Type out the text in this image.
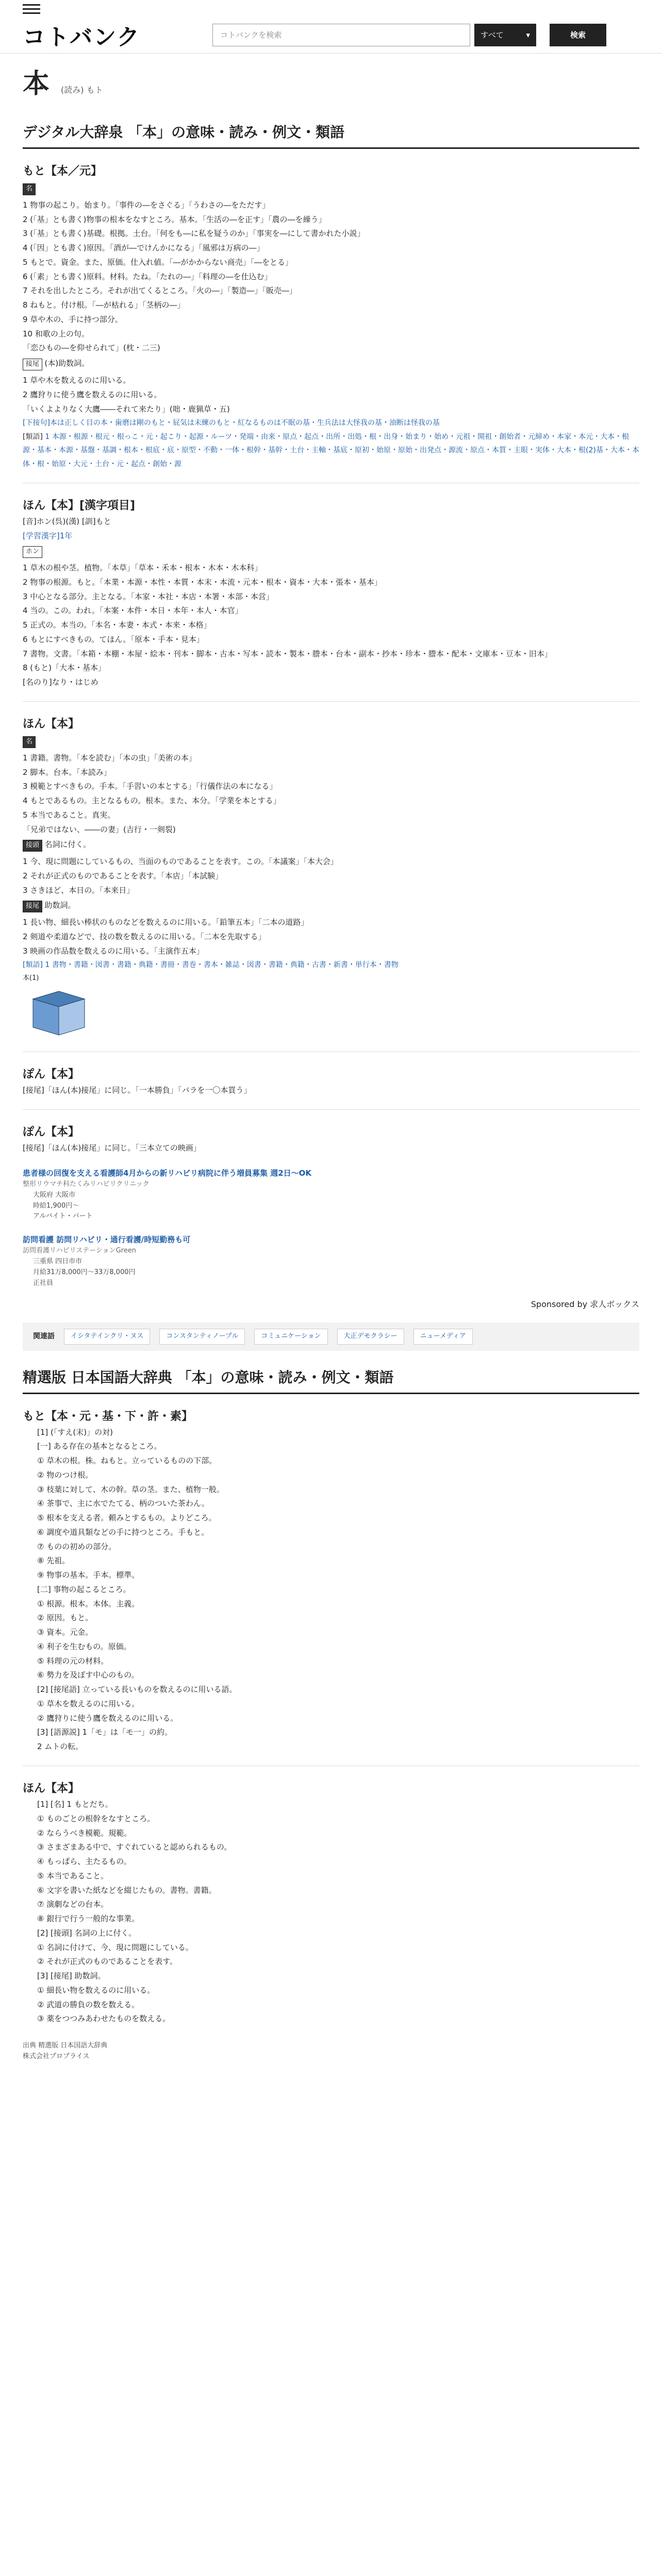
コトバンク	コトバンクを検索	すべて	▾	検索
本 (読み) もト
デジタル大辞泉 「本」の意味・読み・例文・類語
もと【本／元】
名
1 物事の起こり。始まり。「事件の―をさぐる」「うわさの―をただす」
2 (「基」とも書く)物事の根本をなすところ。基本。「生活の―を正す」「農の―を繰う」
3 (「基」とも書く)基礎。根拠。土台。「何をも―に私を疑うのか」「事実を―にして書かれた小説」
4 (「因」とも書く)原因。「酒が―でけんかになる」「風邪は万病の―」
5 もとで。資金。また、原価。仕入れ値。「―がかからない商売」「―をとる」
6 (「素」とも書く)原料。材料。たね。「たれの―」「料理の―を仕込む」
7 それを出したところ。それが出てくるところ。「火の―」「製造―」「販売―」
8 ねもと。付け根。「―が枯れる」「茎柄の―」
9 草や木の、手に持つ部分。
10 和歌の上の句。
「恋ひもの―を仰せられて」(枕・二三)
接尾 (本)助数詞。
1 草や木を数えるのに用いる。
2 鷹狩りに使う鷹を数えるのに用いる。
「いくよよりなく大鷹――それて来たり」(咄・鹿猟草・五)
[下接句]本は正しく目の本・歯磨は剛のもと・屁気は未練のもと・紅なるものは不眠の基・生兵法は大怪我の基・油断は怪我の基
[類語] 1 本源・根源・根元・根っこ・元・起こり・起源・ルーツ・発端・由来・原点・起点・出所・出処・根・出身・始まり・始め・元祖・開祖・創始者・元締め・本家・本元・大本・根源・基本・本源・基盤・基調・根本・根底・底・原型・不動・一体・根幹・基幹・土台・主軸・基底・原初・始原・原始・出発点・源流・原点・本質・主眼・実体・大本・根(2)基・大本・本体・根・始原・大元・土台・元・起点・創始・源
ほん【本】[漢字項目]
[音]ホン(呉)(漢) [訓]もと
[学習漢字]1年
ホン
1 草木の根や茎。植物。「本草」「草本・禾本・根本・木本・木本科」
2 物事の根源。もと。「本業・本源・本性・本質・本末・本流・元本・根本・資本・大本・張本・基本」
3 中心となる部分。主となる。「本家・本社・本店・本署・本部・本営」
4 当の。この。われ。「本案・本件・本日・本年・本人・本官」
5 正式の。本当の。「本名・本妻・本式・本来・本格」
6 もとにすべきもの。てほん。「原本・手本・見本」
7 書物。文書。「本箱・本棚・本屋・絵本・刊本・脚本・古本・写本・読本・製本・謄本・台本・副本・抄本・珍本・謄本・配本・文庫本・豆本・旧本」
8 (もと)「大本・基本」
[名のり]なり・はじめ
ほん【本】
名
1 書籍。書物。「本を読む」「本の虫」「美術の本」
2 脚本。台本。「本読み」
3 模範とすべきもの。手本。「手習いの本とする」「行儀作法の本になる」
4 もとであるもの。主となるもの。根本。また、本分。「学業を本とする」
5 本当であること。真実。
「兄弟ではない、――の妻」(吉行・一剣裂)
接頭 名詞に付く。
1 今、現に問題にしているもの、当面のものであることを表す。この。「本議案」「本大会」
2 それが正式のものであることを表す。「本店」「本試験」
3 さきほど、本日の。「本来日」
接尾 助数詞。
1 長い物、細長い棒状のものなどを数えるのに用いる。「鉛筆五本」「二本の道路」
2 剣道や柔道などで、技の数を数えるのに用いる。「二本を先取する」
3 映画の作品数を数えるのに用いる。「主演作五本」
[類語] 1 書物・書籍・図書・書籍・典籍・書冊・書巻・書本・雑誌・図書・書籍・典籍・古書・新書・単行本・書物
本(1)
ぽん【本】
[接尾]「ほん(本)接尾」に同じ。「一本勝負」「バラを一〇本買う」
ぽん【本】
[接尾]「ほん(本)接尾」に同じ。「三本立ての映画」
患者様の回復を支える看護師4月からの新リハビリ病院に伴う増員募集 週2日～OK
整形リウマチ科たくみリハビリクリニック
大阪府 大阪市
時給1,900円～
アルバイト・パート
訪問看護 訪問リハビリ・通行看護/時短勤務も可
訪問看護リハビリステーションGreen
三重県 四日市市
月給31万8,000円～33万8,000円
正社員
Sponsored by 求人ボックス
関連語	イシタテインクリ・ヌス	コンスタンティノープル	コミュニケーション	大正デモクラシー	ニューメディア
精選版 日本国語大辞典 「本」の意味・読み・例文・類語
もと【本・元・基・下・許・素】
[1] (「すえ(末)」の対)
[一] ある存在の基本となるところ。
① 草木の根。株。ねもと。立っているものの下部。
② 物のつけ根。
③ 枝葉に対して、木の幹。草の茎。また、植物一般。
④ 茶事で、主に水でたてる、柄のついた茶わん。
⑤ 根本を支える者。頼みとするもの。よりどころ。
⑥ 調度や道具類などの手に持つところ。手もと。
⑦ ものの初めの部分。
⑧ 先祖。
⑨ 物事の基本。手本。標準。
[二] 事物の起こるところ。
① 根源。根本。本体。主義。
② 原因。もと。
③ 資本。元金。
④ 利子を生むもの。原価。
⑤ 料理の元の材料。
⑥ 勢力を及ぼす中心のもの。
[2] [接尾語] 立っている長いものを数えるのに用いる語。
① 草木を数えるのに用いる。
② 鷹狩りに使う鷹を数えるのに用いる。
[3] [語源説] 1「モ」は「モ一」の約。
2 ムトの転。
ほん【本】
[1] [名] 1 もとだち。
① ものごとの根幹をなすところ。
② ならうべき模範。規範。
③ さまざまある中で、すぐれていると認められるもの。
④ もっぱら、主たるもの。
⑤ 本当であること。
⑥ 文字を書いた紙などを綴じたもの。書物。書籍。
⑦ 演劇などの台本。
⑧ 銀行で行う一般的な事業。
[2] [接頭] 名詞の上に付く。
① 名詞に付けて、今、現に問題にしている。
② それが正式のものであることを表す。
[3] [接尾] 助数詞。
① 細長い物を数えるのに用いる。
② 武道の勝負の数を数える。
③ 薬をつつみあわせたものを数える。
出典 精選版 日本国語大辞典
株式会社プロプライス
